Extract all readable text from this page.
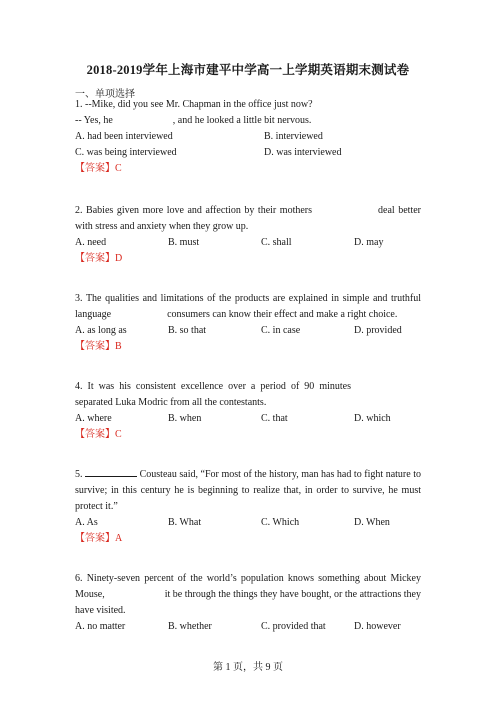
2018-2019学年上海市建平中学高一上学期英语期末测试卷
一、单项选择
1. --Mike, did you see Mr. Chapman in the office just now?
-- Yes, he	, and he looked a little bit nervous.
A. had been interviewed	B. interviewed
C. was being interviewed	D. was interviewed
【答案】C
2. Babies given more love and affection by their mothers	deal better with stress and anxiety when they grow up.
A. need	B. must	C. shall	D. may
【答案】D
3. The qualities and limitations of the products are explained in simple and truthful language	consumers can know their effect and make a right choice.
A. as long as	B. so that	C. in case	D. provided
【答案】B
4. It was his consistent excellence over a period of 90 minutesseparated Luka Modric from all the contestants.
A. where	B. when	C. that	D. which
【答案】C
5.	Cousteau said, “For most of the history, man has had to fight nature to survive; in this century he is beginning to realize that, in order to survive, he must protect it.”
A. As	B. What	C. Which	D. When
【答案】A
6. Ninety-seven percent of the world’s population knows something about Mickey Mouse,	it be through the things they have bought, or the attractions they have visited.
A. no matter	B. whether	C. provided that	D. however
第 1 页，共 9 页
